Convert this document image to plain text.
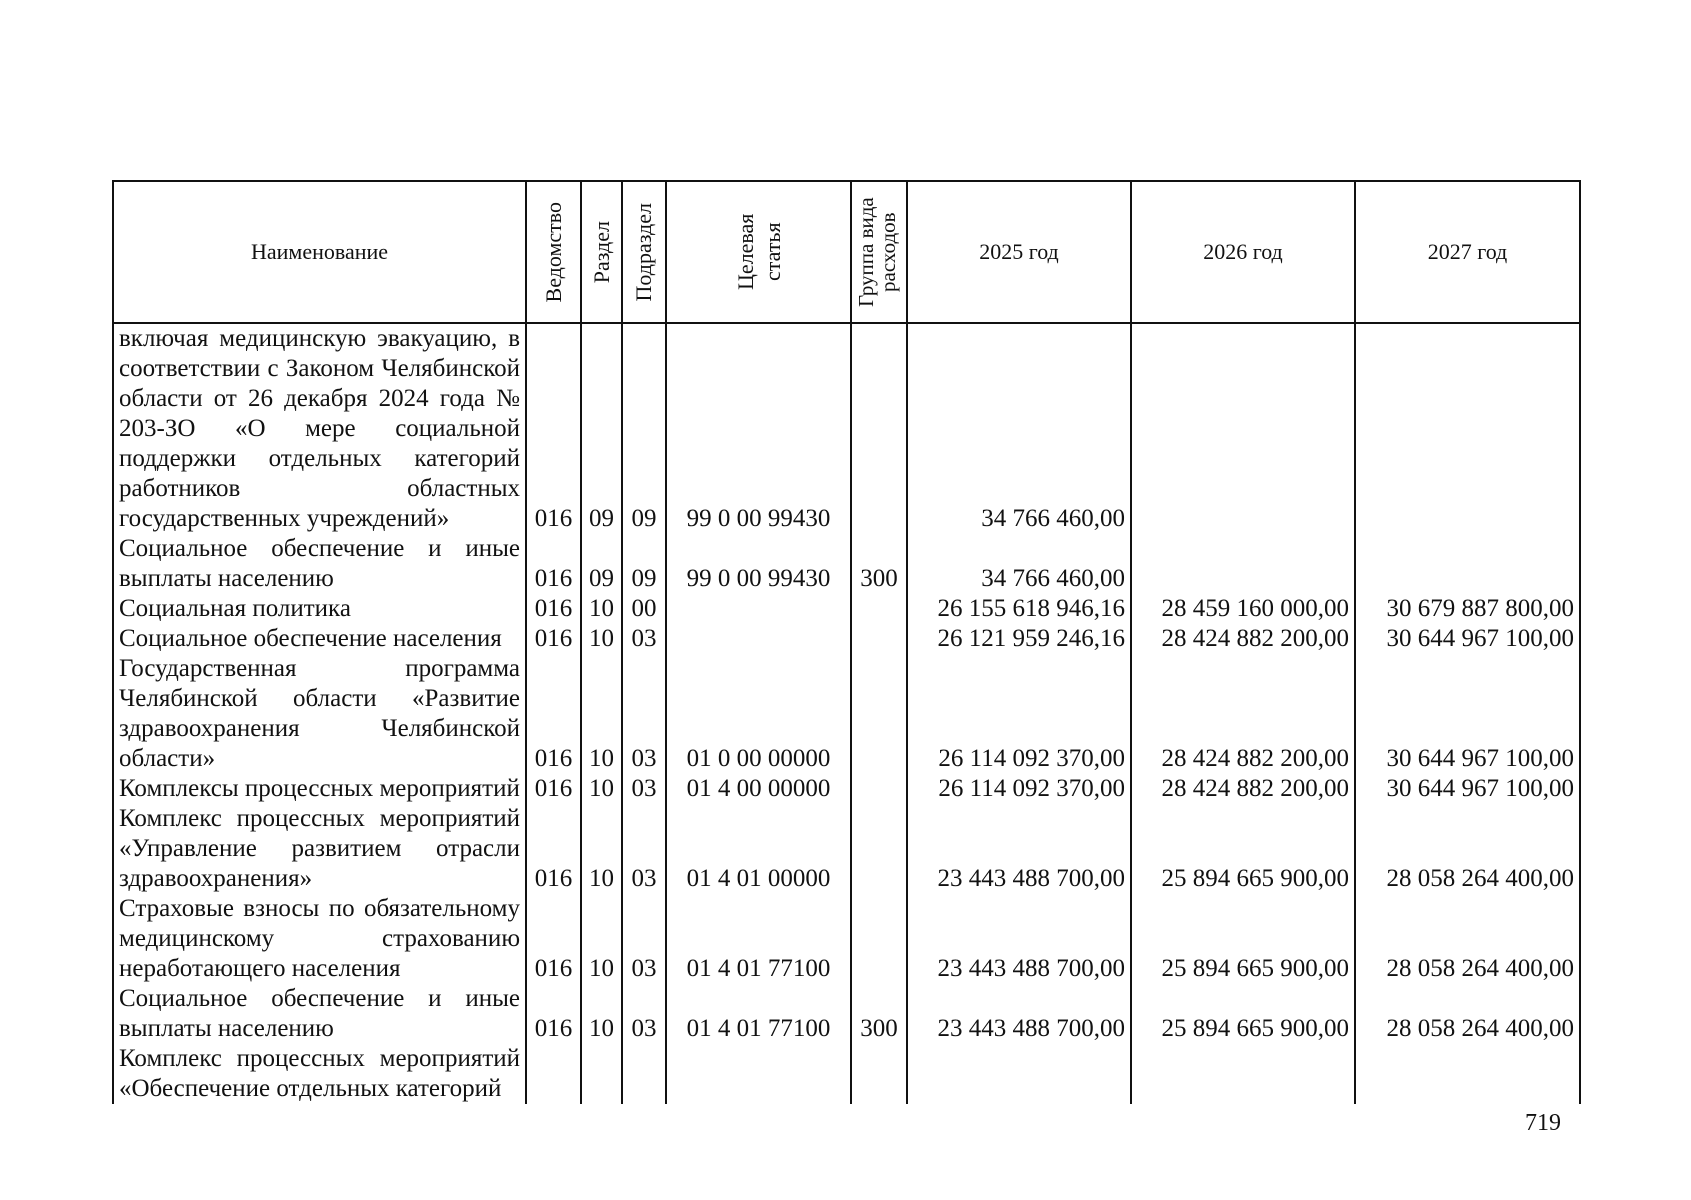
Наименование	Ведомство	Раздел	Подраздел	Целевая статья	Группа вида расходов	2025 год	2026 год	2027 год
включая медицинскую эвакуацию, в соответствии с Законом Челябинской области от 26 декабря 2024 года № 203-ЗО «О мере социальной поддержки отдельных категорий работников областных государственных учреждений»	016	09	09	99 0 00 99430		34 766 460,00		
Социальное обеспечение и иные выплаты населению	016	09	09	99 0 00 99430	300	34 766 460,00		
Социальная политика	016	10	00			26 155 618 946,16	28 459 160 000,00	30 679 887 800,00
Социальное обеспечение населения	016	10	03			26 121 959 246,16	28 424 882 200,00	30 644 967 100,00
Государственная программа Челябинской области «Развитие здравоохранения Челябинской области»	016	10	03	01 0 00 00000		26 114 092 370,00	28 424 882 200,00	30 644 967 100,00
Комплексы процессных мероприятий	016	10	03	01 4 00 00000		26 114 092 370,00	28 424 882 200,00	30 644 967 100,00
Комплекс процессных мероприятий «Управление развитием отрасли здравоохранения»	016	10	03	01 4 01 00000		23 443 488 700,00	25 894 665 900,00	28 058 264 400,00
Страховые взносы по обязательному медицинскому страхованию неработающего населения	016	10	03	01 4 01 77100		23 443 488 700,00	25 894 665 900,00	28 058 264 400,00
Социальное обеспечение и иные выплаты населению	016	10	03	01 4 01 77100	300	23 443 488 700,00	25 894 665 900,00	28 058 264 400,00
Комплекс процессных мероприятий «Обеспечение отдельных категорий								
719
